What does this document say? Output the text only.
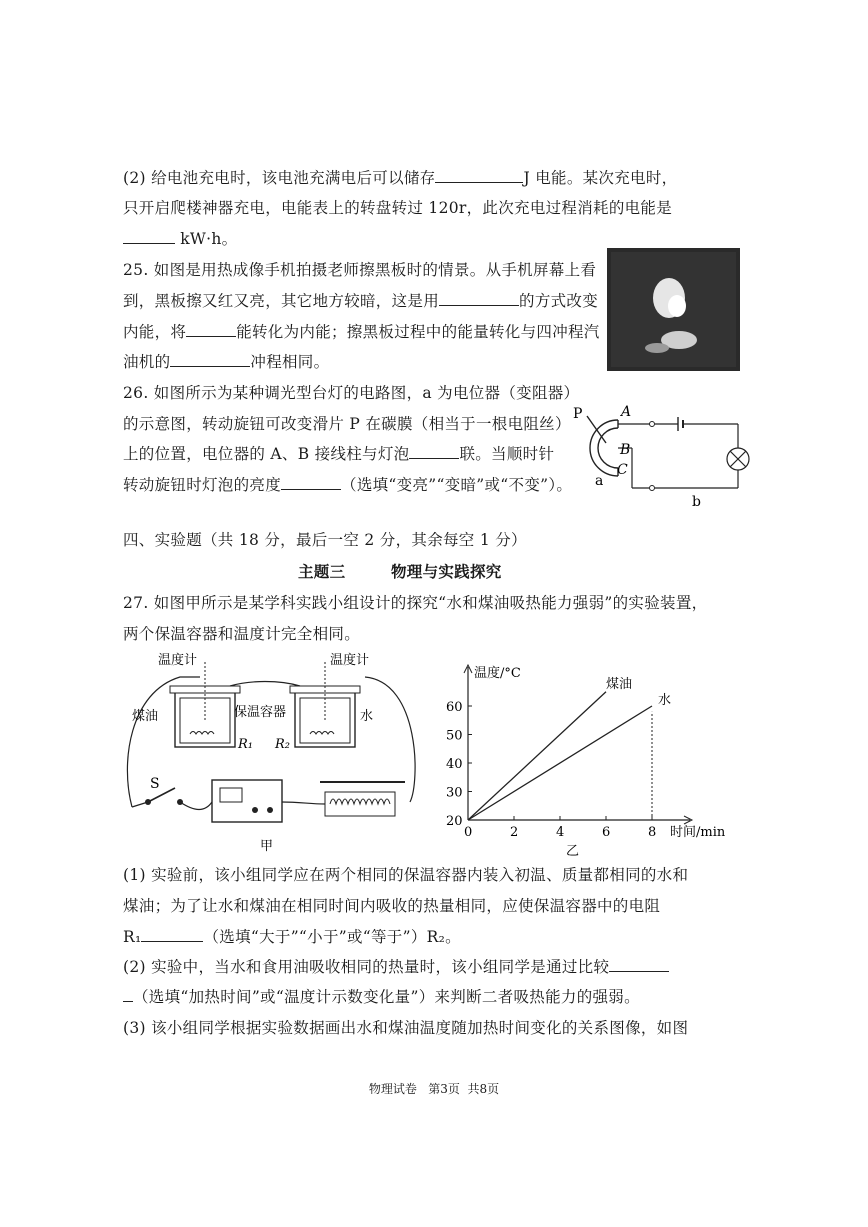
(2) 给电池充电时，该电池充满电后可以储存	J 电能。某次充电时，
只开启爬楼神器充电，电能表上的转盘转过 120r，此次充电过程消耗的电能是
kW·h。
25. 如图是用热成像手机拍摄老师擦黑板时的情景。从手机屏幕上看
到，黑板擦又红又亮，其它地方较暗，这是用	的方式改变
内能，将	能转化为内能；擦黑板过程中的能量转化与四冲程汽
油机的	冲程相同。
26. 如图所示为某种调光型台灯的电路图，a 为电位器（变阻器）
的示意图，转动旋钮可改变滑片 P 在碳膜（相当于一根电阻丝）
上的位置，电位器的 A、B 接线柱与灯泡	联。当顺时针
转动旋钮时灯泡的亮度	（选填“变亮”“变暗”或“不变”）。
P	A
B
C
a
b
四、实验题（共 18 分，最后一空 2 分，其余每空 1 分）
主题三        物理与实践探究
27. 如图甲所示是某学科实践小组设计的探究“水和煤油吸热能力强弱”的实验装置，
两个保温容器和温度计完全相同。
温度计	温度计
煤油	保温容器	水
R₁ R₂
S
甲
0	2	4	6	8
20
30
40
50
60
温度/°C
时间/min
煤油
水
乙
(1) 实验前，该小组同学应在两个相同的保温容器内装入初温、质量都相同的水和
煤油；为了让水和煤油在相同时间内吸收的热量相同，应使保温容器中的电阻
R₁	（选填“大于”“小于”或“等于”）R₂。
(2) 实验中，当水和食用油吸收相同的热量时，该小组同学是通过比较
（选填“加热时间”或“温度计示数变化量”）来判断二者吸热能力的强弱。
(3) 该小组同学根据实验数据画出水和煤油温度随加热时间变化的关系图像，如图
物理试卷   第3页  共8页
